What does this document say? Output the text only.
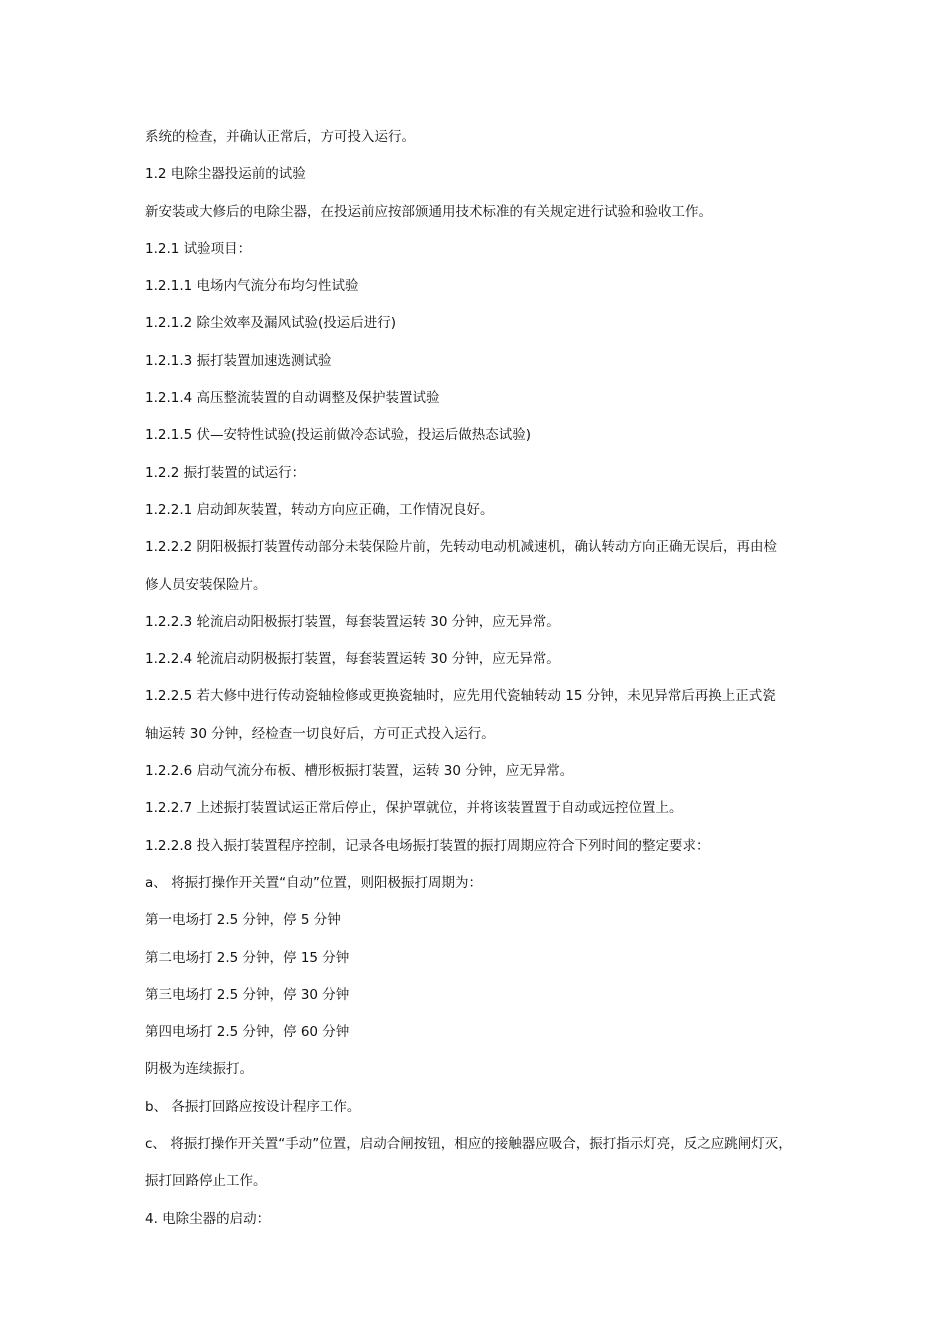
系统的检查，并确认正常后，方可投入运行。
1.2 电除尘器投运前的试验
新安装或大修后的电除尘器，在投运前应按部颁通用技术标准的有关规定进行试验和验收工作。
1.2.1 试验项目：
1.2.1.1 电场内气流分布均匀性试验
1.2.1.2 除尘效率及漏风试验(投运后进行)
1.2.1.3 振打装置加速选测试验
1.2.1.4 高压整流装置的自动调整及保护装置试验
1.2.1.5 伏—安特性试验(投运前做冷态试验，投运后做热态试验)
1.2.2 振打装置的试运行：
1.2.2.1 启动卸灰装置，转动方向应正确，工作情况良好。
1.2.2.2 阴阳极振打装置传动部分未装保险片前，先转动电动机减速机，确认转动方向正确无误后，再由检
修人员安装保险片。
1.2.2.3 轮流启动阳极振打装置，每套装置运转 30 分钟，应无异常。
1.2.2.4 轮流启动阴极振打装置，每套装置运转 30 分钟，应无异常。
1.2.2.5 若大修中进行传动瓷轴检修或更换瓷轴时，应先用代瓷轴转动 15 分钟，未见异常后再换上正式瓷
轴运转 30 分钟，经检查一切良好后，方可正式投入运行。
1.2.2.6 启动气流分布板、槽形板振打装置，运转 30 分钟，应无异常。
1.2.2.7 上述振打装置试运正常后停止，保护罩就位，并将该装置置于自动或远控位置上。
1.2.2.8 投入振打装置程序控制，记录各电场振打装置的振打周期应符合下列时间的整定要求：
a、 将振打操作开关置“自动”位置，则阳极振打周期为：
第一电场打 2.5 分钟，停 5 分钟
第二电场打 2.5 分钟，停 15 分钟
第三电场打 2.5 分钟，停 30 分钟
第四电场打 2.5 分钟，停 60 分钟
阴极为连续振打。
b、 各振打回路应按设计程序工作。
c、 将振打操作开关置“手动”位置，启动合闸按钮，相应的接触器应吸合，振打指示灯亮，反之应跳闸灯灭，
振打回路停止工作。
4. 电除尘器的启动：
